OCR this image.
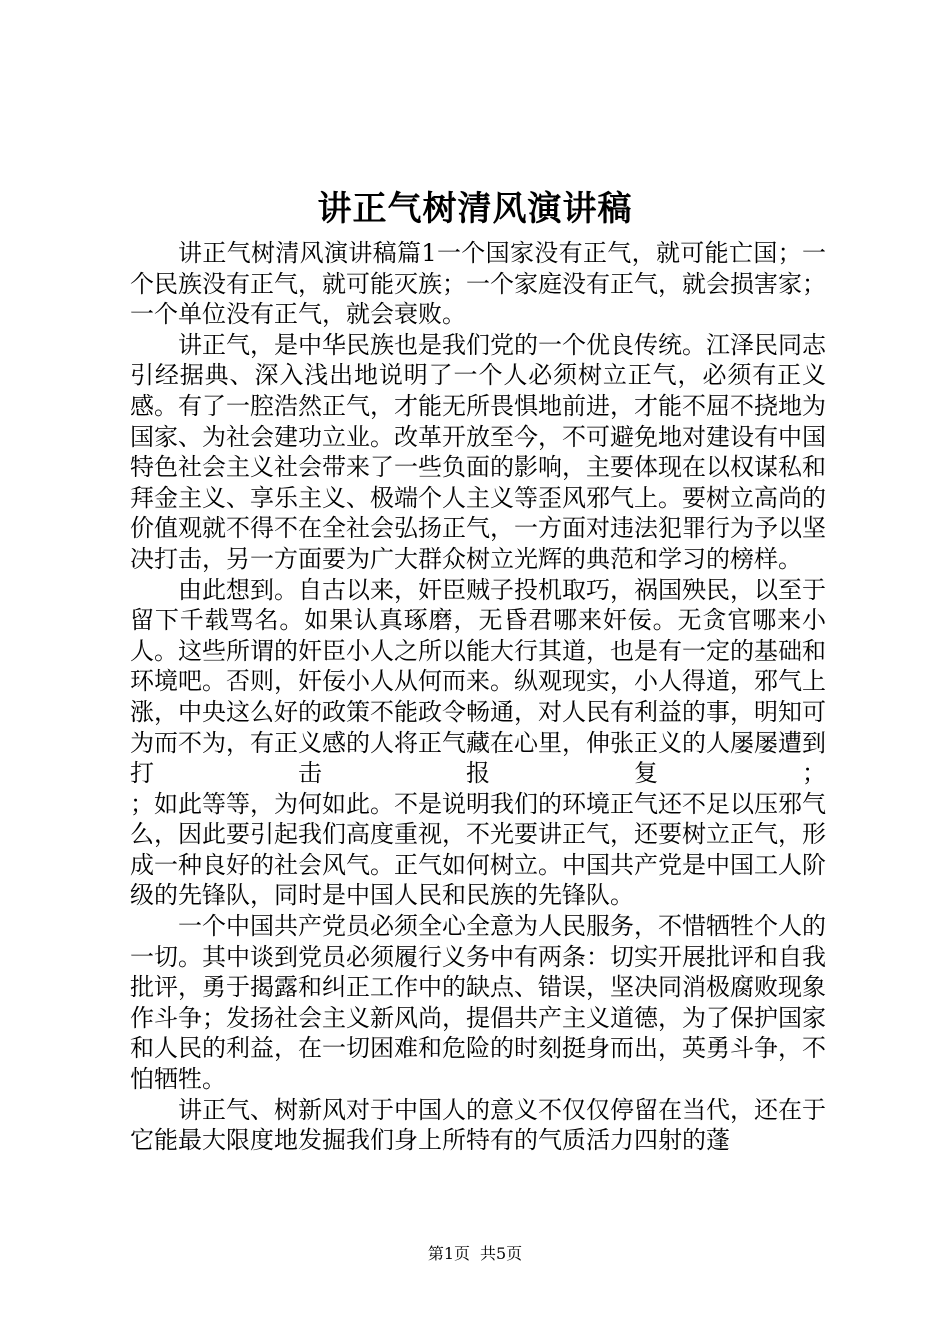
讲正气树清风演讲稿

讲正气树清风演讲稿篇1一个国家没有正气，就可能亡国；一个民族没有正气，就可能灭族；一个家庭没有正气，就会损害家；一个单位没有正气，就会衰败。

讲正气，是中华民族也是我们党的一个优良传统。江泽民同志引经据典、深入浅出地说明了一个人必须树立正气，必须有正义感。有了一腔浩然正气，才能无所畏惧地前进，才能不屈不挠地为国家、为社会建功立业。改革开放至今，不可避免地对建设有中国特色社会主义社会带来了一些负面的影响，主要体现在以权谋私和拜金主义、享乐主义、极端个人主义等歪风邪气上。要树立高尚的价值观就不得不在全社会弘扬正气，一方面对违法犯罪行为予以坚决打击，另一方面要为广大群众树立光辉的典范和学习的榜样。

由此想到。自古以来，奸臣贼子投机取巧，祸国殃民，以至于留下千载骂名。如果认真琢磨，无昏君哪来奸佞。无贪官哪来小人。这些所谓的奸臣小人之所以能大行其道，也是有一定的基础和环境吧。否则，奸佞小人从何而来。纵观现实，小人得道，邪气上涨，中央这么好的政策不能政令畅通，对人民有利益的事，明知可为而不为，有正义感的人将正气藏在心里，伸张正义的人屡屡遭到打击报复；

；如此等等，为何如此。不是说明我们的环境正气还不足以压邪气么，因此要引起我们高度重视，不光要讲正气，还要树立正气，形成一种良好的社会风气。正气如何树立。中国共产党是中国工人阶级的先锋队，同时是中国人民和民族的先锋队。

一个中国共产党员必须全心全意为人民服务，不惜牺牲个人的一切。其中谈到党员必须履行义务中有两条：切实开展批评和自我批评，勇于揭露和纠正工作中的缺点、错误，坚决同消极腐败现象作斗争；发扬社会主义新风尚，提倡共产主义道德，为了保护国家和人民的利益，在一切困难和危险的时刻挺身而出，英勇斗争，不怕牺牲。

讲正气、树新风对于中国人的意义不仅仅停留在当代，还在于它能最大限度地发掘我们身上所特有的气质活力四射的蓬

第1页 共5页
